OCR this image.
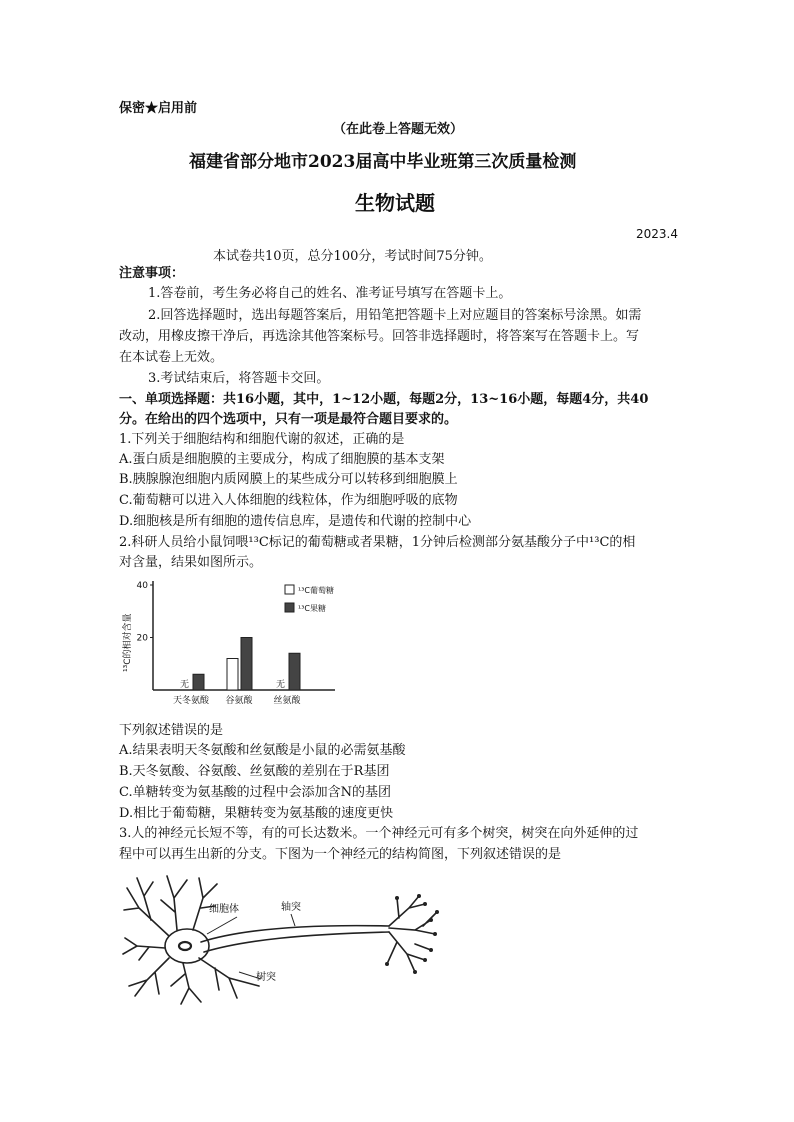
保密★启用前
（在此卷上答题无效）
福建省部分地市2023届高中毕业班第三次质量检测
生物试题
2023.4
本试卷共10页，总分100分，考试时间75分钟。
注意事项：
1.答卷前，考生务必将自己的姓名、准考证号填写在答题卡上。
2.回答选择题时，选出每题答案后，用铅笔把答题卡上对应题目的答案标号涂黑。如需
改动，用橡皮擦干净后，再选涂其他答案标号。回答非选择题时，将答案写在答题卡上。写
在本试卷上无效。
3.考试结束后，将答题卡交回。
一、单项选择题：共16小题，其中，1~12小题，每题2分，13~16小题，每题4分，共40
分。在给出的四个选项中，只有一项是最符合题目要求的。
1.下列关于细胞结构和细胞代谢的叙述，正确的是
A.蛋白质是细胞膜的主要成分，构成了细胞膜的基本支架
B.胰腺腺泡细胞内质网膜上的某些成分可以转移到细胞膜上
C.葡萄糖可以进入人体细胞的线粒体，作为细胞呼吸的底物
D.细胞核是所有细胞的遗传信息库，是遗传和代谢的控制中心
2.科研人员给小鼠饲喂¹³C标记的葡萄糖或者果糖，1分钟后检测部分氨基酸分子中¹³C的相
对含量，结果如图所示。
40
20
¹³C的相对含量
无
天冬氨酸 谷氨酸
无
丝氨酸
¹³C葡萄糖
¹³C果糖
下列叙述错误的是
A.结果表明天冬氨酸和丝氨酸是小鼠的必需氨基酸
B.天冬氨酸、谷氨酸、丝氨酸的差别在于R基团
C.单糖转变为氨基酸的过程中会添加含N的基团
D.相比于葡萄糖，果糖转变为氨基酸的速度更快
3.人的神经元长短不等，有的可长达数米。一个神经元可有多个树突，树突在向外延伸的过
程中可以再生出新的分支。下图为一个神经元的结构简图，下列叙述错误的是
细胞体	轴突
树突
